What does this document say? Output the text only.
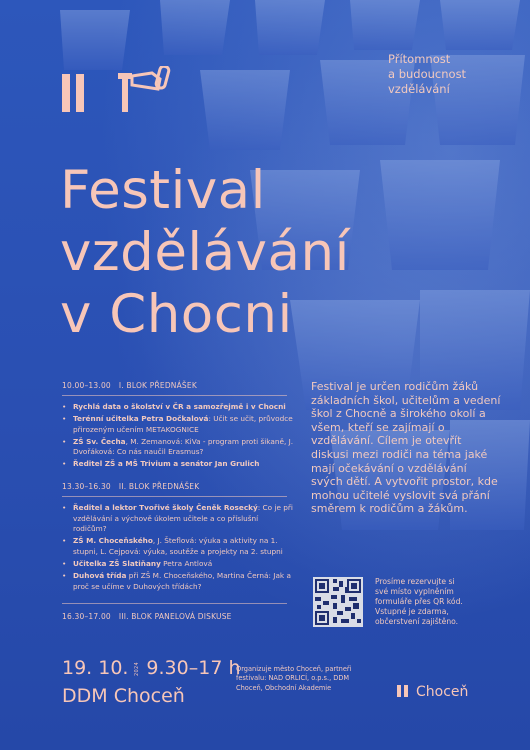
Přítomnost
a budoucnost
vzdělávání
Festival
vzdělávání
v Chocni
10.00–13.00 I. BLOK PŘEDNÁŠEK
• Rychlá data o školství v ČR a samozřejmě i v Chocni
• Terénní učitelka Petra Dočkalová: Učit se učit, průvodce přirozeným učením METAKOGNICE
• ZŠ Sv. Čecha, M. Zemanová: KiVa - program proti šikaně, J. Dvořáková: Co nás naučil Erasmus?
• Ředitel ZŠ a MŠ Trivium a senátor Jan Grulich
13.30–16.30 II. BLOK PŘEDNÁŠEK
• Ředitel a lektor Tvořivé školy Čeněk Rosecký: Co je při vzdělávání a výchově úkolem učitele a co příslušní rodičům?
• ZŠ M. Choceňského, J. Šteflová: výuka a aktivity na 1. stupni, L. Cejpová: výuka, soutěže a projekty na 2. stupni
• Učitelka ZŠ Slatiňany Petra Antlová
• Duhová třída při ZŠ M. Choceňského, Martina Černá: Jak a proč se učíme v Duhových třídách?
16.30–17.00 III. BLOK PANELOVÁ DISKUSE
Festival je určen rodičům žáků základních škol, učitelům a vedení škol z Chocně a širokého okolí a všem, kteří se zajímají o vzdělávání. Cílem je otevřít diskusi mezi rodiči na téma jaké mají očekávání o vzdělávání svých dětí. A vytvořit prostor, kde mohou učitelé vyslovit svá přání směrem k rodičům a žákům.
Prosíme rezervujte si
své místo vyplněním
formuláře přes QR kód.
Vstupné je zdarma,
občerstvení zajištěno.
19. 10. 2024 9.30–17 h
DDM Choceň
Organizuje město Choceň, partneři
festivalu: NAD ORLICÍ, o.p.s., DDM
Choceň, Obchodní Akademie	Choceň
